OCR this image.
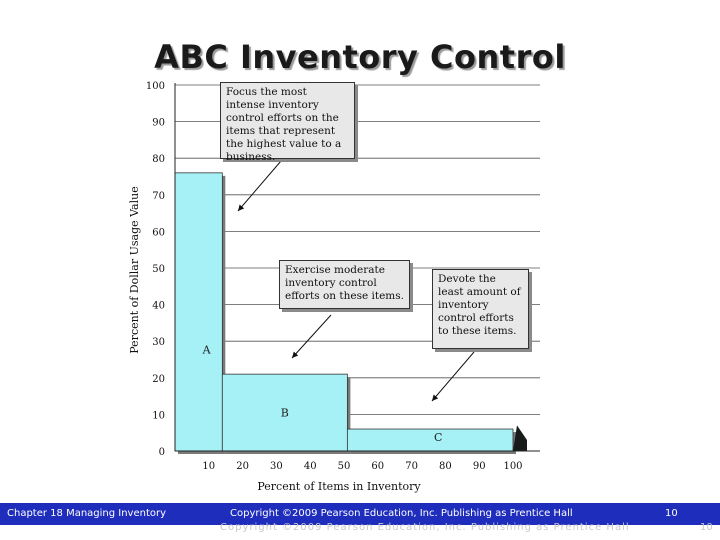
ABC Inventory Control
0
10
20
30
40
50
60
70
80
90
100
10 20 30 40 50 60 70 80 90 100
A
B
C
Percent of Items in Inventory
Percent of Dollar Usage Value
Focus the most intense inventory control efforts on the items that represent the highest value to a business.
Exercise moderate inventory control efforts on these items.
Devote the least amount of inventory control efforts to these items.
Chapter 18 Managing Inventory	Copyright ©2009 Pearson Education, Inc. Publishing as Prentice Hall	10
Copyright ©2009 Pearson Education, Inc. Publishing as Prentice Hall	10
